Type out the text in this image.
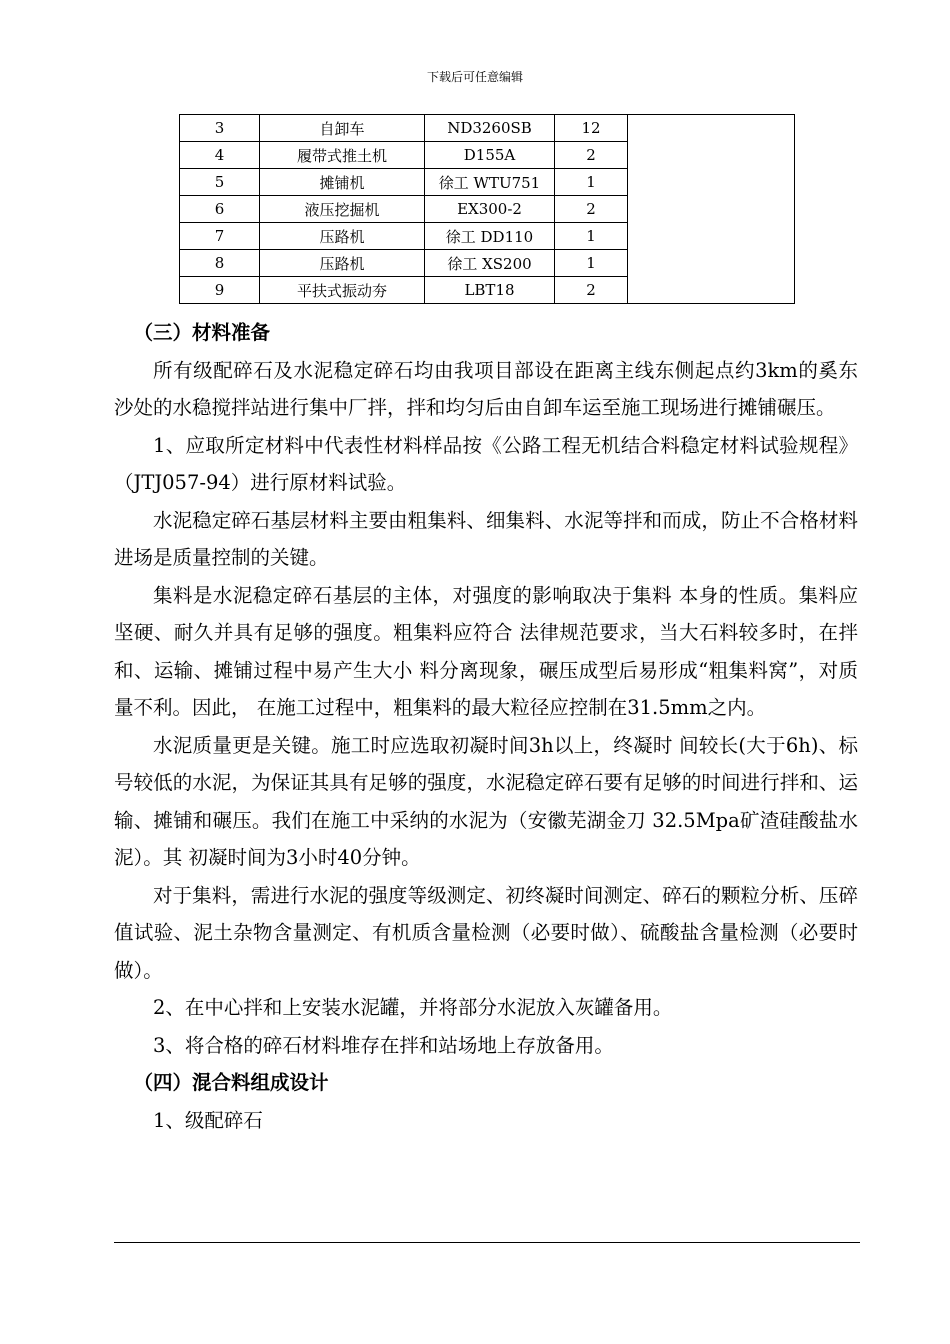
下载后可任意编辑
3	自卸车	ND3260SB	12	
4	履带式推土机	D155A	2	
5	摊铺机	徐工 WTU751	1	
6	液压挖掘机	EX300-2	2	
7	压路机	徐工 DD110	1	
8	压路机	徐工 XS200	1	
9	平扶式振动夯	LBT18	2	

（三）材料准备

所有级配碎石及水泥稳定碎石均由我项目部设在距离主线东侧起点约3km的奚东沙处的水稳搅拌站进行集中厂拌，拌和均匀后由自卸车运至施工现场进行摊铺碾压。

1、应取所定材料中代表性材料样品按《公路工程无机结合料稳定材料试验规程》（JTJ057-94）进行原材料试验。

水泥稳定碎石基层材料主要由粗集料、细集料、水泥等拌和而成，防止不合格材料进场是质量控制的关键。

集料是水泥稳定碎石基层的主体，对强度的影响取决于集料 本身的性质。集料应坚硬、耐久并具有足够的强度。粗集料应符合 法律规范要求，当大石料较多时，在拌和、运输、摊铺过程中易产生大小 料分离现象，碾压成型后易形成“粗集料窝”，对质量不利。因此， 在施工过程中，粗集料的最大粒径应控制在31.5mm之内。

水泥质量更是关键。施工时应选取初凝时间3h以上，终凝时 间较长(大于6h)、标号较低的水泥，为保证其具有足够的强度，水泥稳定碎石要有足够的时间进行拌和、运输、摊铺和碾压。我们在施工中采纳的水泥为（安徽芜湖金刀 32.5Mpa矿渣硅酸盐水泥）。其 初凝时间为3小时40分钟。

对于集料，需进行水泥的强度等级测定、初终凝时间测定、碎石的颗粒分析、压碎值试验、泥土杂物含量测定、有机质含量检测（必要时做）、硫酸盐含量检测（必要时做）。

2、在中心拌和上安装水泥罐，并将部分水泥放入灰罐备用。

3、将合格的碎石材料堆存在拌和站场地上存放备用。

（四）混合料组成设计

1、级配碎石
